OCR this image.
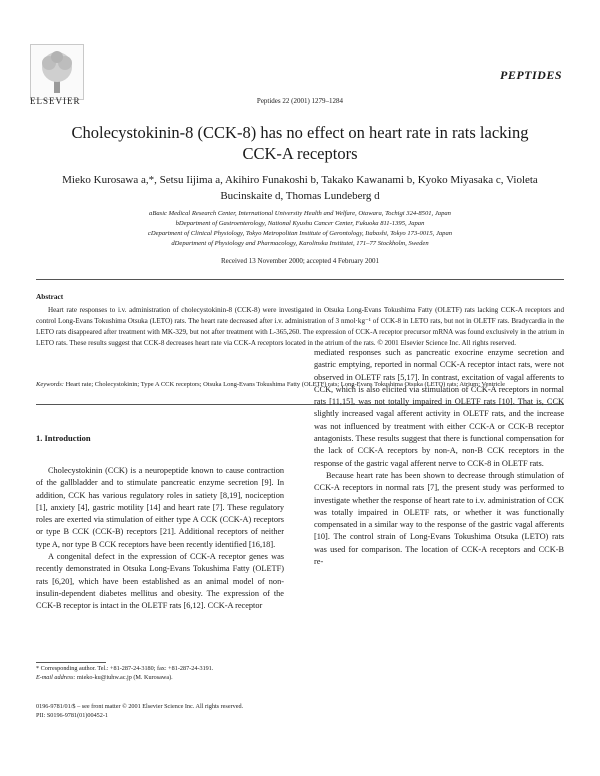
ELSEVIER
PEPTIDES
Peptides 22 (2001) 1279–1284
Cholecystokinin-8 (CCK-8) has no effect on heart rate in rats lacking CCK-A receptors
Mieko Kurosawa a,*, Setsu Iijima a, Akihiro Funakoshi b, Takako Kawanami b, Kyoko Miyasaka c, Violeta Bucinskaite d, Thomas Lundeberg d
aBasic Medical Research Center, International University Health and Welfare, Otawara, Tochigi 324-8501, Japan
bDepartment of Gastroenterology, National Kyushu Cancer Center, Fukuoka 811-1395, Japan
cDepartment of Clinical Physiology, Tokyo Metropolitan Institute of Gerontology, Itabashi, Tokyo 173-0015, Japan
dDepartment of Physiology and Pharmacology, Karolinska Institutet, 171–77 Stockholm, Sweden
Received 13 November 2000; accepted 4 February 2001
Abstract
Heart rate responses to i.v. administration of cholecystokinin-8 (CCK-8) were investigated in Otsuka Long-Evans Tokushima Fatty (OLETF) rats lacking CCK-A receptors and control Long-Evans Tokushima Otsuka (LETO) rats. The heart rate decreased after i.v. administration of 3 nmol·kg⁻¹ of CCK-8 in LETO rats, but not in OLETF rats. Bradycardia in the LETO rats disappeared after treatment with MK-329, but not after treatment with L-365,260. The expression of CCK-A receptor precursor mRNA was found exclusively in the atrium in LETO rats. These results suggest that CCK-8 decreases heart rate via CCK-A receptors located in the atrium of the rats. © 2001 Elsevier Science Inc. All rights reserved.
Keywords: Heart rate; Cholecystokinin; Type A CCK receptors; Otsuka Long-Evans Tokushima Fatty (OLETF) rats; Long-Evans Tokushima Otsuka (LETO) rats; Atrium; Ventricle
1. Introduction

Cholecystokinin (CCK) is a neuropeptide known to cause contraction of the gallbladder and to stimulate pancreatic enzyme secretion [9]. In addition, CCK has various regulatory roles in satiety [8,19], nociception [1], anxiety [4], gastric motility [14] and heart rate [7]. These regulatory roles are exerted via stimulation of either type A CCK (CCK-A) receptors or type B CCK (CCK-B) receptors [21]. Additional receptors of neither type A, nor type B CCK receptors have been recently identified [16,18].

A congenital defect in the expression of CCK-A receptor genes was recently demonstrated in Otsuka Long-Evans Tokushima Fatty (OLETF) rats [6,20], which have been established as an animal model of non-insulin-dependent diabetes mellitus and obesity. The expression of the CCK-B receptor is intact in the OLETF rats [6,12]. CCK-A receptor

mediated responses such as pancreatic exocrine enzyme secretion and gastric emptying, reported in normal CCK-A receptor intact rats, were not observed in OLETF rats [5,17]. In contrast, excitation of vagal afferents to CCK, which is also elicited via stimulation of CCK-A receptors in normal rats [11,15], was not totally impaired in OLETF rats [10]. That is, CCK slightly increased vagal afferent activity in OLETF rats, and the increase was not influenced by treatment with either CCK-A or CCK-B receptor antagonists. These results suggest that there is functional compensation for the lack of CCK-A receptors by non-A, non-B CCK receptors in the response of the gastric vagal afferent nerve to CCK-8 in OLETF rats.

Because heart rate has been shown to decrease through stimulation of CCK-A receptors in normal rats [7], the present study was performed to investigate whether the response of heart rate to i.v. administration of CCK was totally impaired in OLETF rats, or whether it was functionally compensated in a similar way to the response of the gastric vagal afferents [10]. The control strain of Long-Evans Tokushima Otsuka (LETO) rats was used for comparison. The location of CCK-A receptors and CCK-B re-

* Corresponding author. Tel.: +81-287-24-3180; fax: +81-287-24-3191.
E-mail address: mieko-ku@iuhw.ac.jp (M. Kurosawa).
0196-9781/01/$ – see front matter © 2001 Elsevier Science Inc. All rights reserved.
PII: S0196-9781(01)00452-1
